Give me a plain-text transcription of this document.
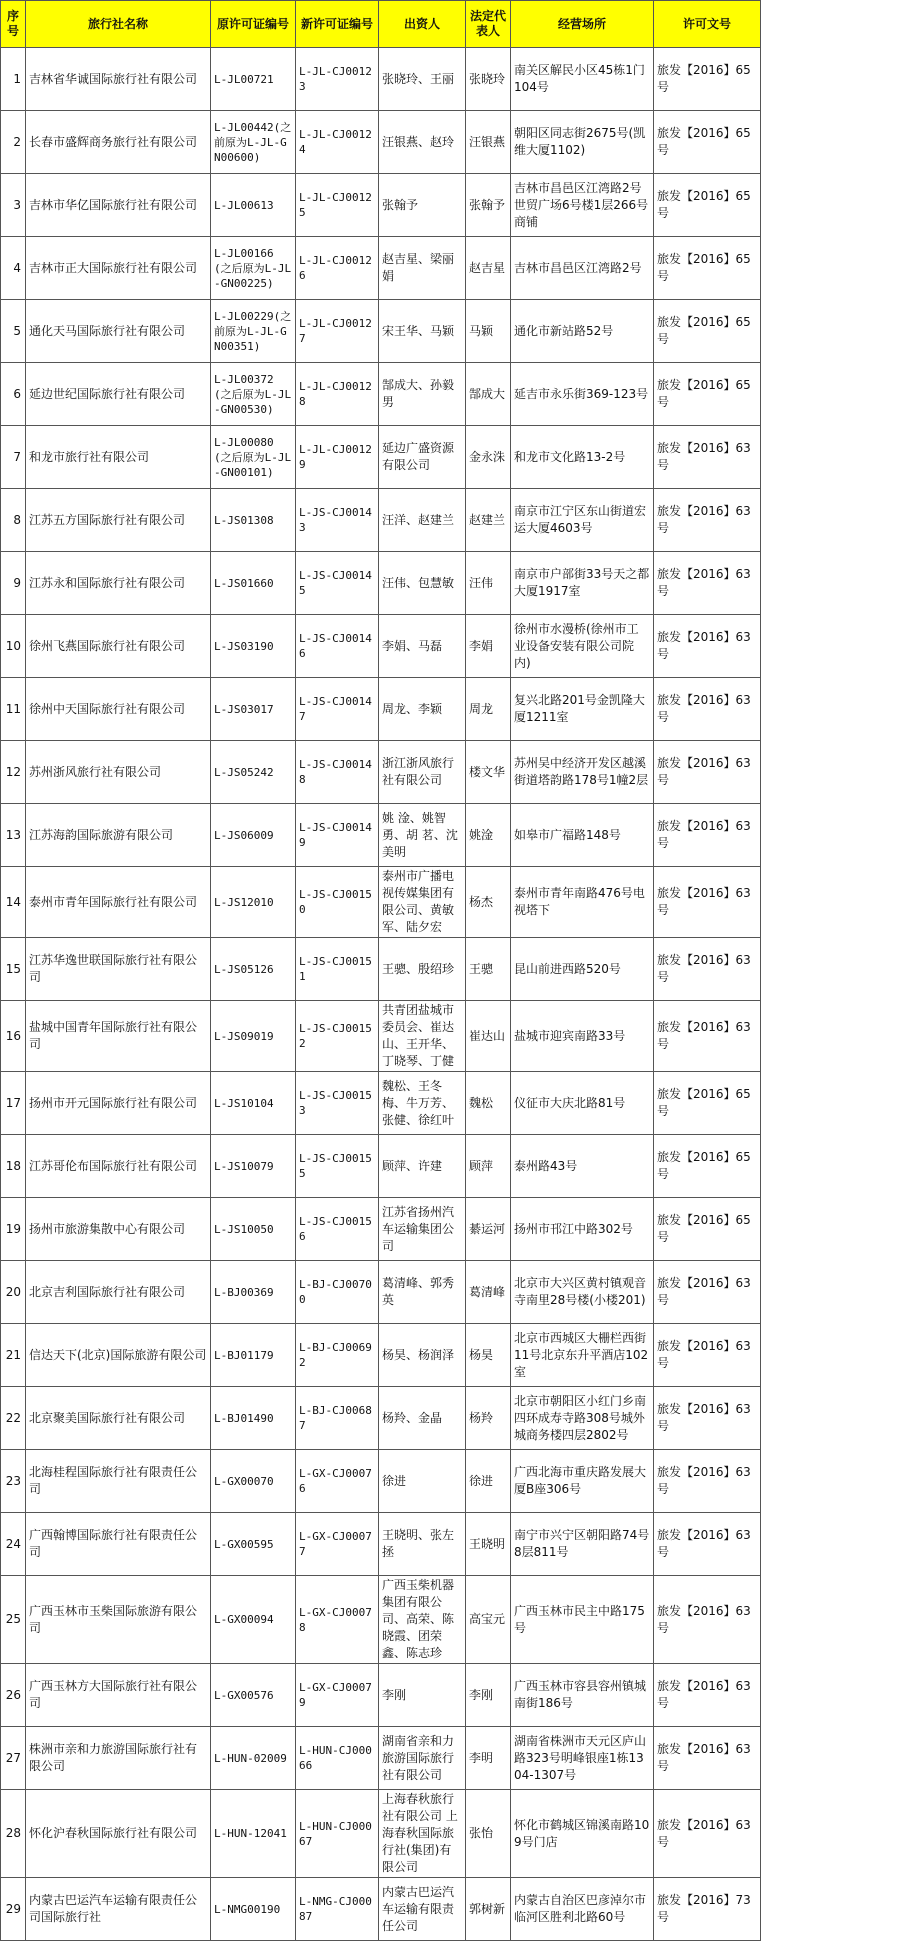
序号	旅行社名称	原许可证编号	新许可证编号	出资人	法定代表人	经营场所	许可文号
1	吉林省华诚国际旅行社有限公司	L-JL00721	L-JL-CJ00123	张晓玲、王丽	张晓玲	南关区解民小区45栋1门104号	旅发【2016】65号
2	长春市盛辉商务旅行社有限公司	L-JL00442(之前原为L-JL-GN00600)	L-JL-CJ00124	汪银燕、赵玲	汪银燕	朝阳区同志街2675号(凯维大厦1102)	旅发【2016】65号
3	吉林市华亿国际旅行社有限公司	L-JL00613	L-JL-CJ00125	张翰予	张翰予	吉林市昌邑区江湾路2号世贸广场6号楼1层266号商铺	旅发【2016】65号
4	吉林市正大国际旅行社有限公司	L-JL00166 (之后原为L-JL-GN00225)	L-JL-CJ00126	赵吉星、梁丽娟	赵吉星	吉林市昌邑区江湾路2号	旅发【2016】65号
5	通化天马国际旅行社有限公司	L-JL00229(之前原为L-JL-GN00351)	L-JL-CJ00127	宋王华、马颖	马颖	通化市新站路52号	旅发【2016】65号
6	延边世纪国际旅行社有限公司	L-JL00372 (之后原为L-JL-GN00530)	L-JL-CJ00128	郜成大、孙毅男	郜成大	延吉市永乐街369-123号	旅发【2016】65号
7	和龙市旅行社有限公司	L-JL00080 (之后原为L-JL-GN00101)	L-JL-CJ00129	延边广盛资源有限公司	金永洙	和龙市文化路13-2号	旅发【2016】63号
8	江苏五方国际旅行社有限公司	L-JS01308	L-JS-CJ00143	汪洋、赵建兰	赵建兰	南京市江宁区东山街道宏运大厦4603号	旅发【2016】63号
9	江苏永和国际旅行社有限公司	L-JS01660	L-JS-CJ00145	汪伟、包慧敏	汪伟	南京市户部街33号天之都大厦1917室	旅发【2016】63号
10	徐州飞燕国际旅行社有限公司	L-JS03190	L-JS-CJ00146	李娟、马磊	李娟	徐州市水漫桥(徐州市工业设备安装有限公司院内)	旅发【2016】63号
11	徐州中天国际旅行社有限公司	L-JS03017	L-JS-CJ00147	周龙、李颖	周龙	复兴北路201号金凯隆大厦1211室	旅发【2016】63号
12	苏州浙风旅行社有限公司	L-JS05242	L-JS-CJ00148	浙江浙风旅行社有限公司	楼文华	苏州吴中经济开发区越溪街道塔韵路178号1幢2层	旅发【2016】63号
13	江苏海韵国际旅游有限公司	L-JS06009	L-JS-CJ00149	姚 淦、姚智勇、胡 茗、沈美明	姚淦	如皋市广福路148号	旅发【2016】63号
14	泰州市青年国际旅行社有限公司	L-JS12010	L-JS-CJ00150	泰州市广播电视传媒集团有限公司、黄敏军、陆夕宏	杨杰	泰州市青年南路476号电视塔下	旅发【2016】63号
15	江苏华逸世联国际旅行社有限公司	L-JS05126	L-JS-CJ00151	王骢、殷绍珍	王骢	昆山前进西路520号	旅发【2016】63号
16	盐城中国青年国际旅行社有限公司	L-JS09019	L-JS-CJ00152	共青团盐城市委员会、崔达山、王开华、丁晓琴、丁健	崔达山	盐城市迎宾南路33号	旅发【2016】63号
17	扬州市开元国际旅行社有限公司	L-JS10104	L-JS-CJ00153	魏松、王冬梅、牛万芳、张健、徐红叶	魏松	仪征市大庆北路81号	旅发【2016】65号
18	江苏哥伦布国际旅行社有限公司	L-JS10079	L-JS-CJ00155	顾萍、许建	顾萍	泰州路43号	旅发【2016】65号
19	扬州市旅游集散中心有限公司	L-JS10050	L-JS-CJ00156	江苏省扬州汽车运输集团公司	綦运河	扬州市邗江中路302号	旅发【2016】65号
20	北京吉利国际旅行社有限公司	L-BJ00369	L-BJ-CJ00700	葛清峰、郭秀英	葛清峰	北京市大兴区黄村镇观音寺南里28号楼(小楼201)	旅发【2016】63号
21	信达天下(北京)国际旅游有限公司	L-BJ01179	L-BJ-CJ00692	杨昊、杨润泽	杨昊	北京市西城区大栅栏西街11号北京东升平酒店102室	旅发【2016】63号
22	北京聚美国际旅行社有限公司	L-BJ01490	L-BJ-CJ00687	杨羚、金晶	杨羚	北京市朝阳区小红门乡南四环成寿寺路308号城外城商务楼四层2802号	旅发【2016】63号
23	北海桂程国际旅行社有限责任公司	L-GX00070	L-GX-CJ00076	徐进	徐进	广西北海市重庆路发展大厦B座306号	旅发【2016】63号
24	广西翰博国际旅行社有限责任公司	L-GX00595	L-GX-CJ00077	王晓明、张左拯	王晓明	南宁市兴宁区朝阳路74号8层811号	旅发【2016】63号
25	广西玉林市玉柴国际旅游有限公司	L-GX00094	L-GX-CJ00078	广西玉柴机器集团有限公司、高荣、陈晓霞、团荣鑫、陈志珍	高宝元	广西玉林市民主中路175号	旅发【2016】63号
26	广西玉林方大国际旅行社有限公司	L-GX00576	L-GX-CJ00079	李刚	李刚	广西玉林市容县容州镇城南街186号	旅发【2016】63号
27	株洲市亲和力旅游国际旅行社有限公司	L-HUN-02009	L-HUN-CJ00066	湖南省亲和力旅游国际旅行社有限公司	李明	湖南省株洲市天元区庐山路323号明峰银座1栋1304-1307号	旅发【2016】63号
28	怀化沪春秋国际旅行社有限公司	L-HUN-12041	L-HUN-CJ00067	上海春秋旅行社有限公司 上海春秋国际旅行社(集团)有限公司	张怡	怀化市鹤城区锦溪南路109号门店	旅发【2016】63号
29	内蒙古巴运汽车运输有限责任公司国际旅行社	L-NMG00190	L-NMG-CJ00087	内蒙古巴运汽车运输有限责任公司	郭树新	内蒙古自治区巴彦淖尔市临河区胜利北路60号	旅发【2016】73号
